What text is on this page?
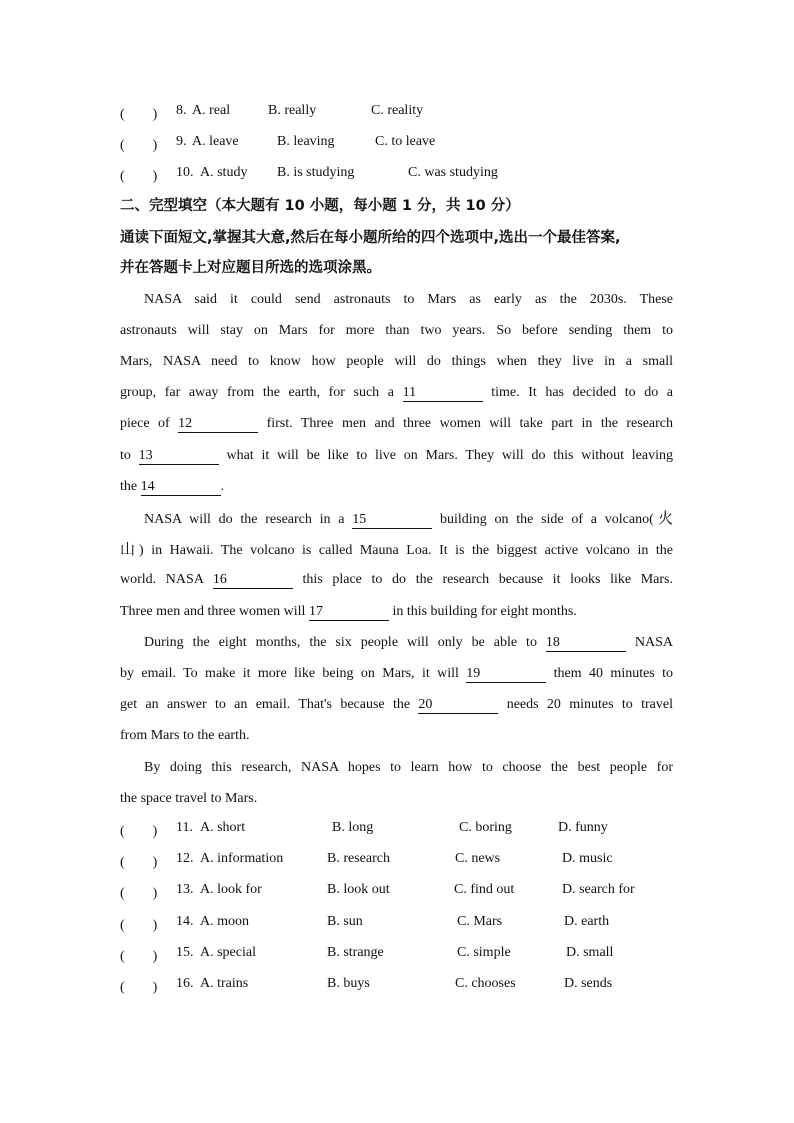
(　　) 8. A. real	B. really	C. reality
(　　) 9. A. leave	B. leaving	C. to leave
(　　) 10. A. study B. is studying	C. was studying
二、完型填空（本大题有 10 小题，每小题 1 分，共 10 分）
通读下面短文,掌握其大意,然后在每小题所给的四个选项中,选出一个最佳答案,
并在答题卡上对应题目所选的选项涂黑。
NASA said it could send astronauts to Mars as early as the 2030s. These
astronauts will stay on Mars for more than two years. So before sending them to
Mars, NASA need to know how people will do things when they live in a small
group, far away from the earth, for such a 11	time. It has decided to do a
piece of 12	first. Three men and three women will take part in the research
to 13	what it will be like to live on Mars. They will do this without leaving
the 14	.
NASA will do the research in a 15	building on the side of a volcano(火
山) in Hawaii. The volcano is called Mauna Loa. It is the biggest active volcano in the
world. NASA 16	this place to do the research because it looks like Mars.
Three men and three women will 17	in this building for eight months.
During the eight months, the six people will only be able to 18	NASA
by email. To make it more like being on Mars, it will 19	them 40 minutes to
get an answer to an email. That's because the 20	needs 20 minutes to travel
from Mars to the earth.
By doing this research, NASA hopes to learn how to choose the best people for
the space travel to Mars.
(　　) 11. A. short	B. long	C. boring	D. funny
(　　) 12. A. information	B. research	C. news	D. music
(　　) 13. A. look for	B. look out	C. find out	D. search for
(　　) 14. A. moon	B. sun	C. Mars	D. earth
(　　) 15. A. special	B. strange	C. simple	D. small
(　　) 16. A. trains	B. buys	C. chooses	D. sends
